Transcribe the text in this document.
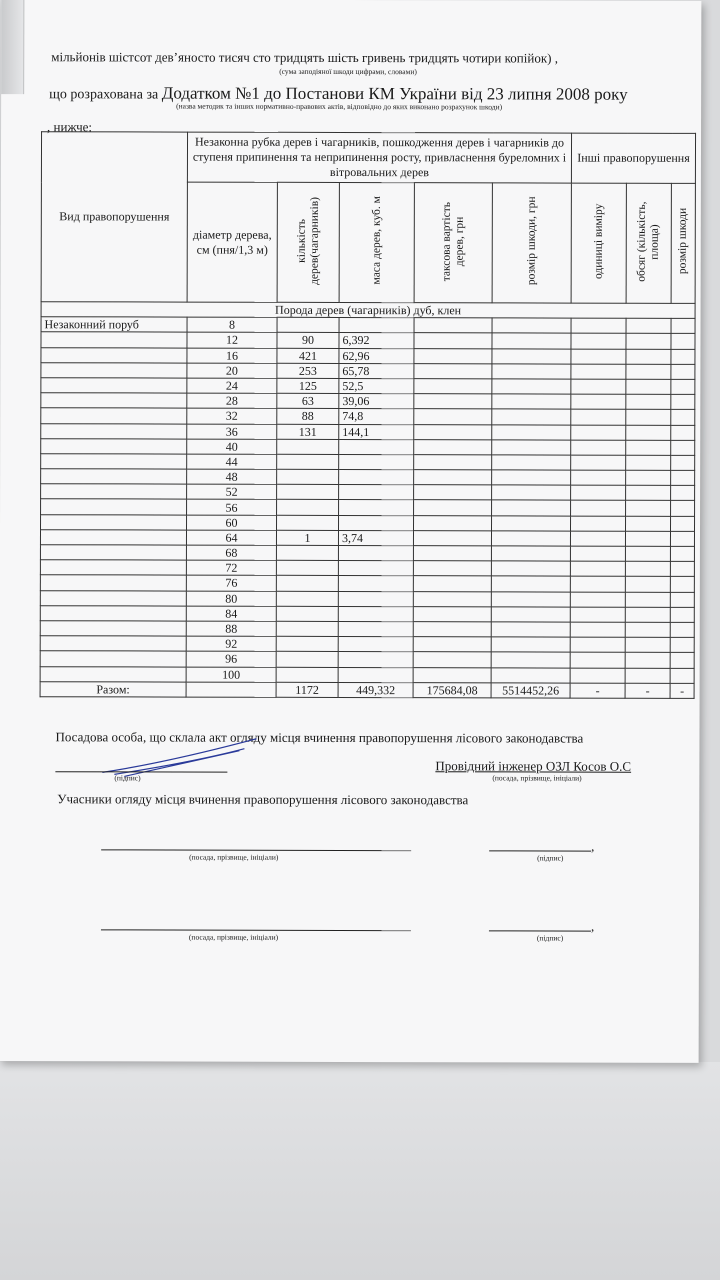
мільйонів шістсот дев’яносто тисяч сто тридцять шість гривень тридцять чотири копійок) ,
(сума заподіяної шкоди цифрами, словами)
що розрахована за Додатком №1 до Постанови КМ України від 23 липня 2008 року
(назва методик та інших нормативно-правових актів, відповідно до яких виконано розрахунок шкоди)
, нижче:
Вид правопорушення	Незаконна рубка дерев і чагарників, пошкодження дерев і чагарників до ступеня припинення та неприпинення росту, привласнення буреломних і вітровальних дерев					Інші правопорушення		
	діаметр дерева, см (пня/1,3 м)	кількість дерев(чагарників)	маса дерев, куб. м	таксова вартість дерев, грн	розмір шкоди, грн	одиниці виміру	обсяг (кількість, площа)	розмір шкоди
Порода дерев (чагарників) дуб, клен								
Незаконний поруб	8							
	12	90	6,392					
	16	421	62,96					
	20	253	65,78					
	24	125	52,5					
	28	63	39,06					
	32	88	74,8					
	36	131	144,1					
	40							
	44							
	48							
	52							
	56							
	60							
	64	1	3,74					
	68							
	72							
	76							
	80							
	84							
	88							
	92							
	96							
	100							
Разом:		1172	449,332	175684,08	5514452,26	-	-	-
Посадова особа, що склала акт огляду місця вчинення правопорушення лісового законодавства
(підпис)
Провідний інженер ОЗЛ Косов О.С
(посада, прізвище, ініціали)
Учасники огляду місця вчинення правопорушення лісового законодавства
(посада, прізвище, ініціали)
,
(підпис)
(посада, прізвище, ініціали)
,
(підпис)
